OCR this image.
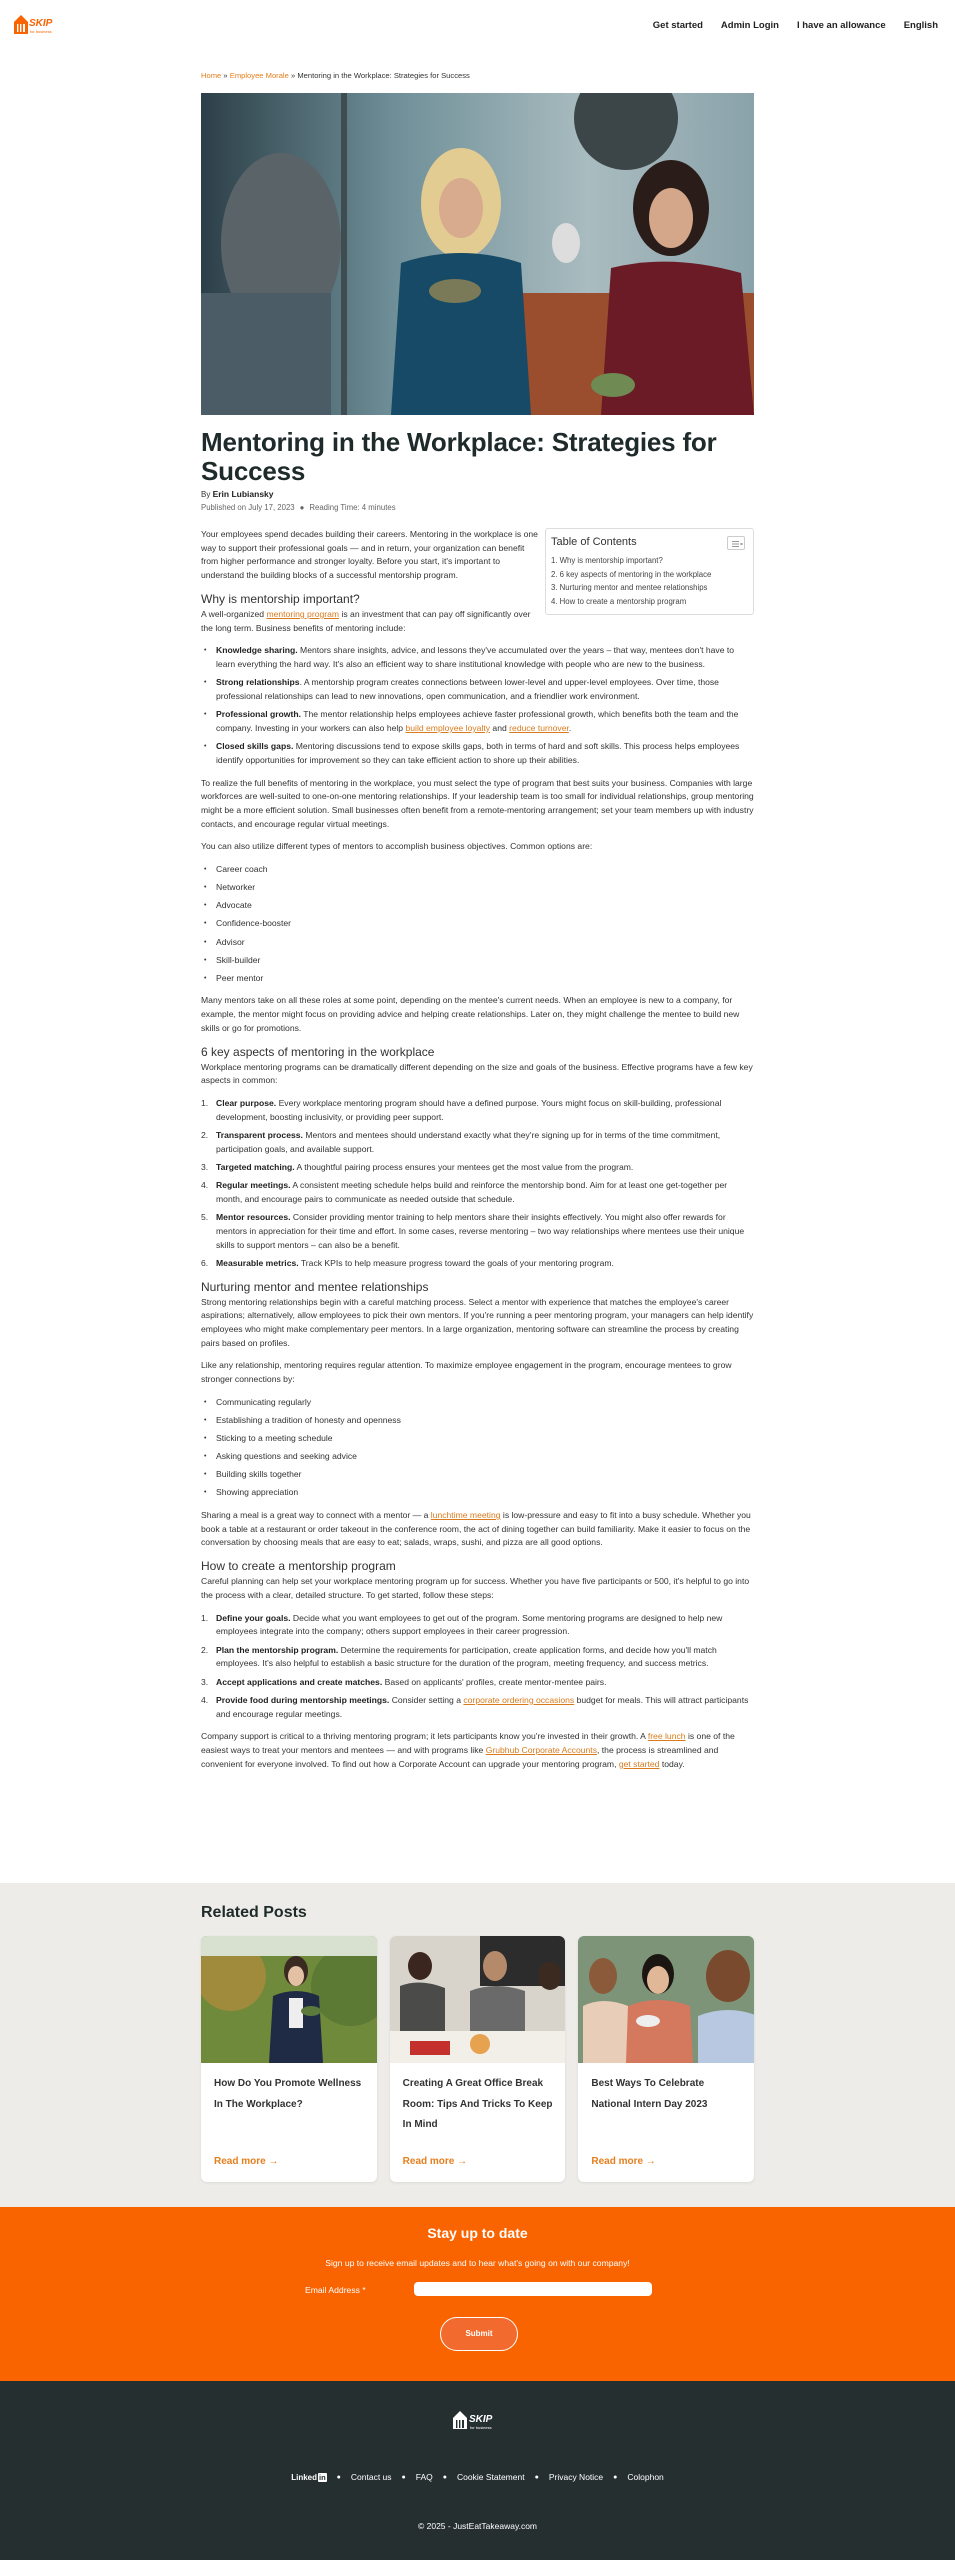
SKIP
for business
Get started Admin Login I have an allowance English
Home » Employee Morale » Mentoring in the Workplace: Strategies for Success
Mentoring in the Workplace: Strategies for Success
By Erin Lubiansky
Published on July 17, 2023 ● Reading Time: 4 minutes
Table of Contents
1. Why is mentorship important?
2. 6 key aspects of mentoring in the workplace
3. Nurturing mentor and mentee relationships
4. How to create a mentorship program

Your employees spend decades building their careers. Mentoring in the workplace is one way to support their professional goals — and in return, your organization can benefit from higher performance and stronger loyalty. Before you start, it's important to understand the building blocks of a successful mentorship program.

Why is mentorship important?

A well-organized mentoring program is an investment that can pay off significantly over the long term. Business benefits of mentoring include:

• Knowledge sharing. Mentors share insights, advice, and lessons they've accumulated over the years – that way, mentees don't have to learn everything the hard way. It's also an efficient way to share institutional knowledge with people who are new to the business.
• Strong relationships. A mentorship program creates connections between lower-level and upper-level employees. Over time, those professional relationships can lead to new innovations, open communication, and a friendlier work environment.
• Professional growth. The mentor relationship helps employees achieve faster professional growth, which benefits both the team and the company. Investing in your workers can also help build employee loyalty and reduce turnover.
• Closed skills gaps. Mentoring discussions tend to expose skills gaps, both in terms of hard and soft skills. This process helps employees identify opportunities for improvement so they can take efficient action to shore up their abilities.

To realize the full benefits of mentoring in the workplace, you must select the type of program that best suits your business. Companies with large workforces are well-suited to one-on-one mentoring relationships. If your leadership team is too small for individual relationships, group mentoring might be a more efficient solution. Small businesses often benefit from a remote-mentoring arrangement; set your team members up with industry contacts, and encourage regular virtual meetings.

You can also utilize different types of mentors to accomplish business objectives. Common options are:

• Career coach
• Networker
• Advocate
• Confidence-booster
• Advisor
• Skill-builder
• Peer mentor

Many mentors take on all these roles at some point, depending on the mentee's current needs. When an employee is new to a company, for example, the mentor might focus on providing advice and helping create relationships. Later on, they might challenge the mentee to build new skills or go for promotions.

6 key aspects of mentoring in the workplace

Workplace mentoring programs can be dramatically different depending on the size and goals of the business. Effective programs have a few key aspects in common:

1. Clear purpose. Every workplace mentoring program should have a defined purpose. Yours might focus on skill-building, professional development, boosting inclusivity, or providing peer support.
2. Transparent process. Mentors and mentees should understand exactly what they're signing up for in terms of the time commitment, participation goals, and available support.
3. Targeted matching. A thoughtful pairing process ensures your mentees get the most value from the program.
4. Regular meetings. A consistent meeting schedule helps build and reinforce the mentorship bond. Aim for at least one get-together per month, and encourage pairs to communicate as needed outside that schedule.
5. Mentor resources. Consider providing mentor training to help mentors share their insights effectively. You might also offer rewards for mentors in appreciation for their time and effort. In some cases, reverse mentoring – two way relationships where mentees use their unique skills to support mentors – can also be a benefit.
6. Measurable metrics. Track KPIs to help measure progress toward the goals of your mentoring program.
Nurturing mentor and mentee relationships

Strong mentoring relationships begin with a careful matching process. Select a mentor with experience that matches the employee's career aspirations; alternatively, allow employees to pick their own mentors. If you're running a peer mentoring program, your managers can help identify employees who might make complementary peer mentors. In a large organization, mentoring software can streamline the process by creating pairs based on profiles.

Like any relationship, mentoring requires regular attention. To maximize employee engagement in the program, encourage mentees to grow stronger connections by:

• Communicating regularly
• Establishing a tradition of honesty and openness
• Sticking to a meeting schedule
• Asking questions and seeking advice
• Building skills together
• Showing appreciation

Sharing a meal is a great way to connect with a mentor — a lunchtime meeting is low-pressure and easy to fit into a busy schedule. Whether you book a table at a restaurant or order takeout in the conference room, the act of dining together can build familiarity. Make it easier to focus on the conversation by choosing meals that are easy to eat; salads, wraps, sushi, and pizza are all good options.

How to create a mentorship program

Careful planning can help set your workplace mentoring program up for success. Whether you have five participants or 500, it's helpful to go into the process with a clear, detailed structure. To get started, follow these steps:

1. Define your goals. Decide what you want employees to get out of the program. Some mentoring programs are designed to help new employees integrate into the company; others support employees in their career progression.
2. Plan the mentorship program. Determine the requirements for participation, create application forms, and decide how you'll match employees. It's also helpful to establish a basic structure for the duration of the program, meeting frequency, and success metrics.
3. Accept applications and create matches. Based on applicants' profiles, create mentor-mentee pairs.
4. Provide food during mentorship meetings. Consider setting a corporate ordering occasions budget for meals. This will attract participants and encourage regular meetings.

Company support is critical to a thriving mentoring program; it lets participants know you're invested in their growth. A free lunch is one of the easiest ways to treat your mentors and mentees — and with programs like Grubhub Corporate Accounts, the process is streamlined and convenient for everyone involved. To find out how a Corporate Account can upgrade your mentoring program, get started today.

Related Posts
How Do You Promote Wellness In The Workplace?
Read more →
Creating A Great Office Break Room: Tips And Tricks To Keep In Mind
Read more →
Best Ways To Celebrate National Intern Day 2023
Read more →
Stay up to date
Sign up to receive email updates and to hear what's going on with our company!
Email Address *
Submit
SKIP
for business
Linked in ● Contact us ● FAQ ● Cookie Statement ● Privacy Notice ● Colophon
© 2025 - JustEatTakeaway.com
